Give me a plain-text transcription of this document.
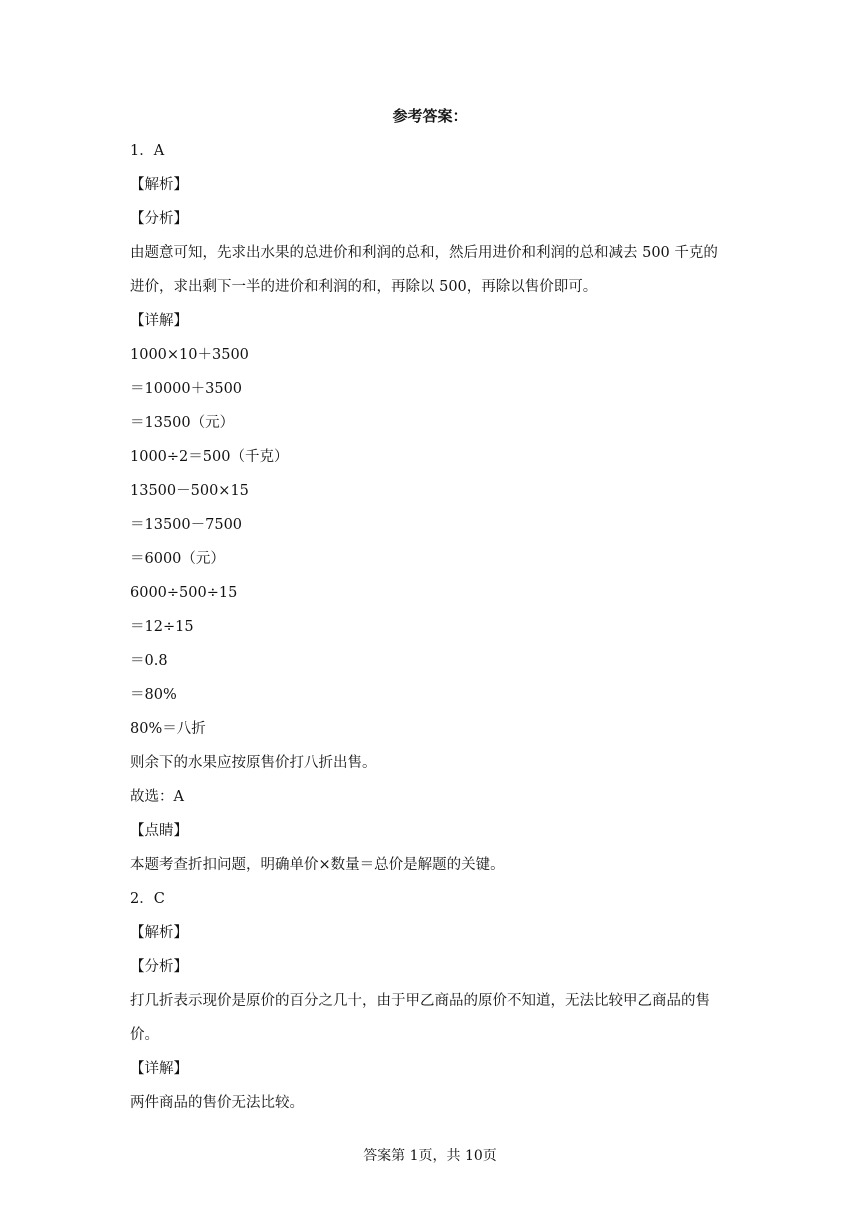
参考答案：
1．A
【解析】
【分析】
由题意可知，先求出水果的总进价和利润的总和，然后用进价和利润的总和减去 500 千克的
进价，求出剩下一半的进价和利润的和，再除以 500，再除以售价即可。
【详解】
1000×10＋3500
＝10000＋3500
＝13500（元）
1000÷2＝500（千克）
13500－500×15
＝13500－7500
＝6000（元）
6000÷500÷15
＝12÷15
＝0.8
＝80%
80%＝八折
则余下的水果应按原售价打八折出售。
故选：A
【点睛】
本题考查折扣问题，明确单价×数量＝总价是解题的关键。
2．C
【解析】
【分析】
打几折表示现价是原价的百分之几十，由于甲乙商品的原价不知道，无法比较甲乙商品的售
价。
【详解】
两件商品的售价无法比较。
答案第 1页，共 10页
